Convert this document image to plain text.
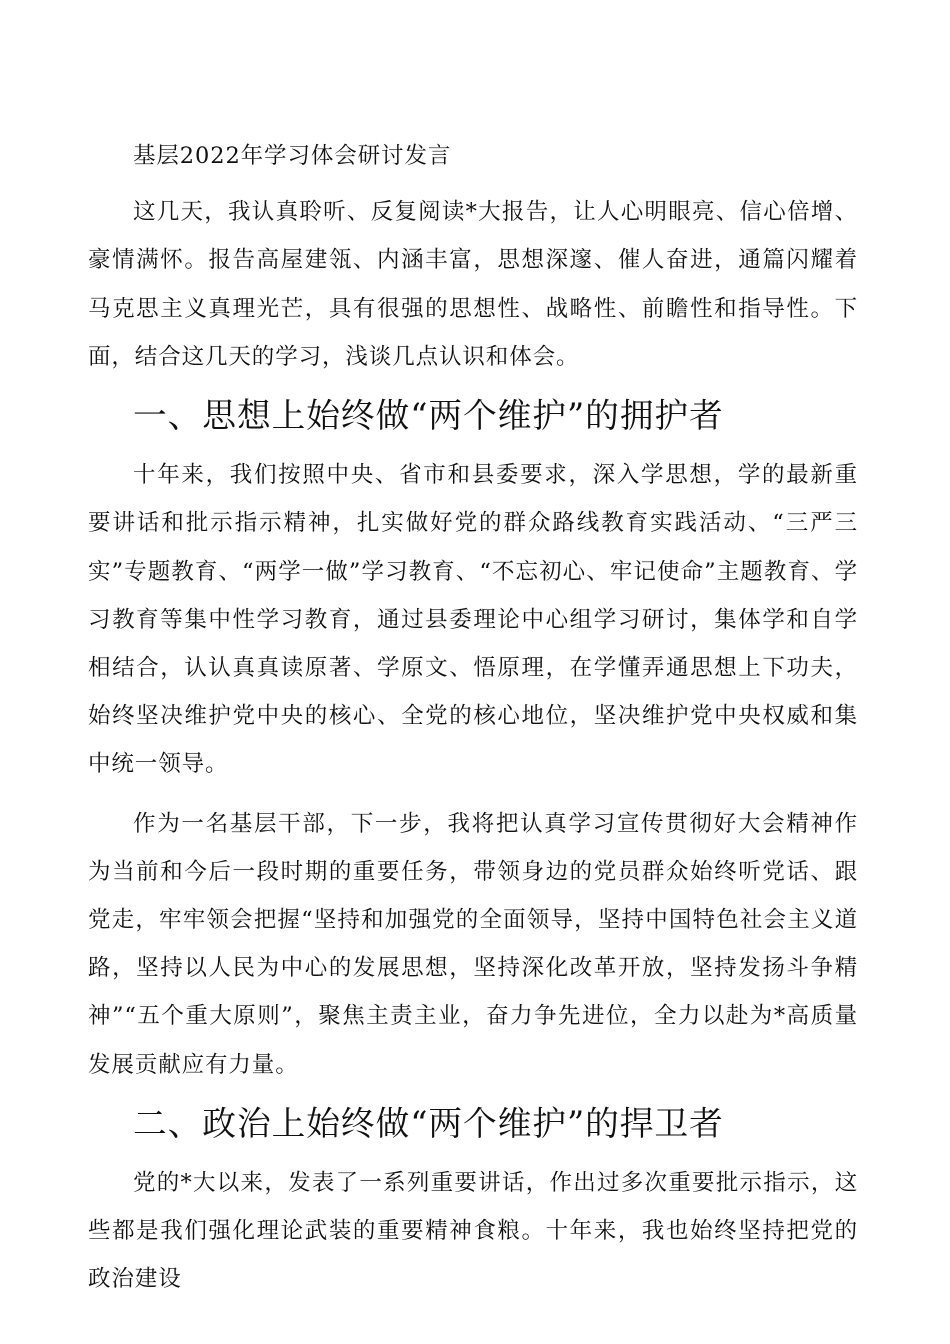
基层2022年学习体会研讨发言

这几天，我认真聆听、反复阅读*大报告，让人心明眼亮、信心倍增、豪情满怀。报告高屋建瓴、内涵丰富，思想深邃、催人奋进，通篇闪耀着马克思主义真理光芒，具有很强的思想性、战略性、前瞻性和指导性。下面，结合这几天的学习，浅谈几点认识和体会。

一、思想上始终做“两个维护”的拥护者

十年来，我们按照中央、省市和县委要求，深入学思想，学的最新重要讲话和批示指示精神，扎实做好党的群众路线教育实践活动、“三严三实”专题教育、“两学一做”学习教育、“不忘初心、牢记使命”主题教育、学习教育等集中性学习教育，通过县委理论中心组学习研讨，集体学和自学相结合，认认真真读原著、学原文、悟原理，在学懂弄通思想上下功夫，始终坚决维护党中央的核心、全党的核心地位，坚决维护党中央权威和集中统一领导。

作为一名基层干部，下一步，我将把认真学习宣传贯彻好大会精神作为当前和今后一段时期的重要任务，带领身边的党员群众始终听党话、跟党走，牢牢领会把握“坚持和加强党的全面领导，坚持中国特色社会主义道路，坚持以人民为中心的发展思想，坚持深化改革开放，坚持发扬斗争精神”“五个重大原则”，聚焦主责主业，奋力争先进位，全力以赴为*高质量发展贡献应有力量。

二、政治上始终做“两个维护”的捍卫者

党的*大以来，发表了一系列重要讲话，作出过多次重要批示指示，这些都是我们强化理论武装的重要精神食粮。十年来，我也始终坚持把党的政治建设
